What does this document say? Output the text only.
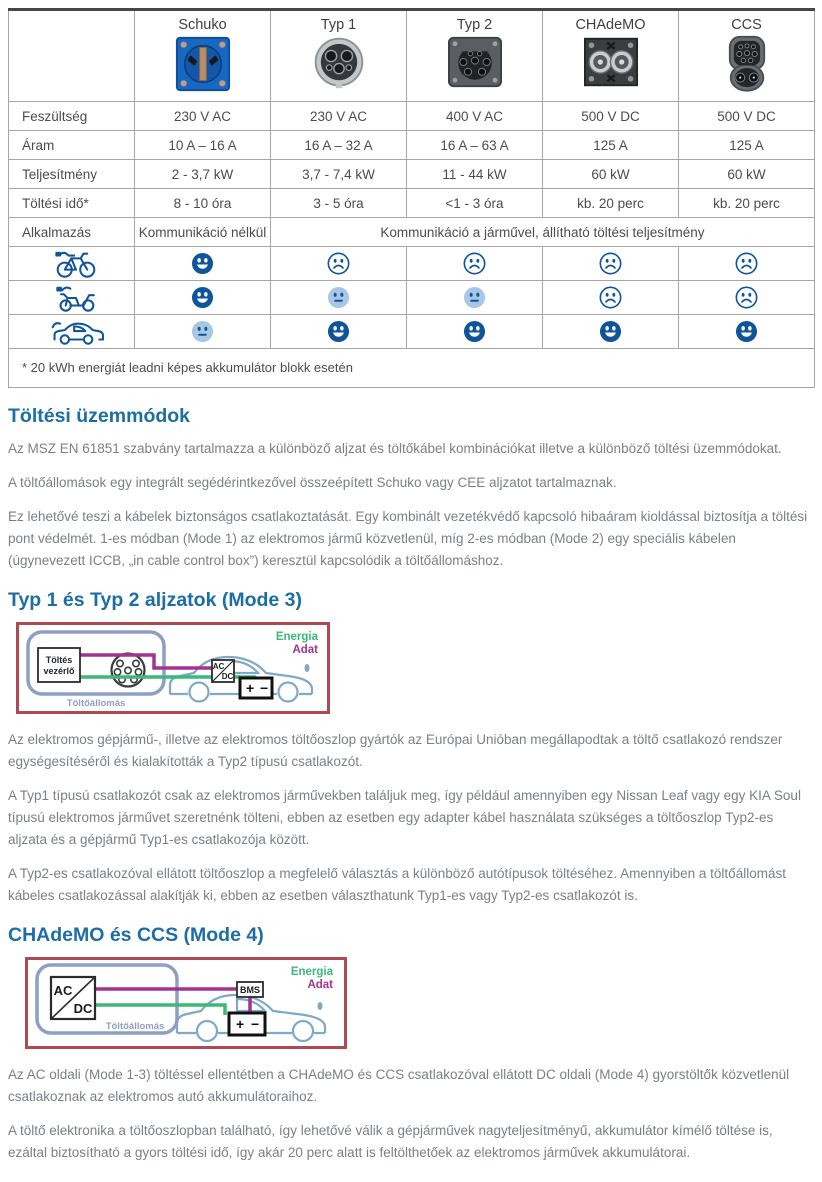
	Schuko	Typ 1	Typ 2	CHAdeMO	CCS

Feszültség	230 V AC	230 V AC	400 V AC	500 V DC	500 V DC
Áram	10 A – 16 A	16 A – 32 A	16 A – 63 A	125 A	125 A
Teljesítmény	2 - 3,7 kW	3,7 - 7,4 kW	11 - 44 kW	60 kW	60 kW
Töltési idő*	8 - 10 óra	3 - 5 óra	<1 - 3 óra	kb. 20 perc	kb. 20 perc
Alkalmazás	Kommunikáció nélkül	Kommunikáció a járművel, állítható töltési teljesítmény			

* 20 kWh energiát leadni képes akkumulátor blokk esetén					
Töltési üzemmódok

Az MSZ EN 61851 szabvány tartalmazza a különböző aljzat és töltőkábel kombinációkat illetve a különböző töltési üzemmódokat.

A töltőállomások egy integrált segédérintkezővel összeépített Schuko vagy CEE aljzatot tartalmaznak.

Ez lehetővé teszi a kábelek biztonságos csatlakoztatását. Egy kombinált vezetékvédő kapcsoló hibaáram kioldással biztosítja a töltési pont védelmét. 1-es módban (Mode 1) az elektromos jármű közvetlenül, míg 2-es módban (Mode 2) egy speciális kábelen (úgynevezett ICCB, „in cable control box”) keresztül kapcsolódik a töltőállomáshoz.

Typ 1 és Typ 2 aljzatok (Mode 3)
Töltés
vezérlő	AC
DC
+ −
Töltőállomás
Energia
Adat

Az elektromos gépjármű-, illetve az elektromos töltőoszlop gyártók az Európai Unióban megállapodtak a töltő csatlakozó rendszer egységesítéséről és kialakították a Typ2 típusú csatlakozót.

A Typ1 típusú csatlakozót csak az elektromos járművekben találjuk meg, így például amennyiben egy Nissan Leaf vagy egy KIA Soul típusú elektromos járművet szeretnénk tölteni, ebben az esetben egy adapter kábel használata szükséges a töltőoszlop Typ2-es aljzata és a gépjármű Typ1-es csatlakozója között.

A Typ2-es csatlakozóval ellátott töltőoszlop a megfelelő választás a különböző autótípusok töltéséhez. Amennyiben a töltőállomást kábeles csatlakozással alakítják ki, ebben az esetben választhatunk Typ1-es vagy Typ2-es csatlakozót is.

CHAdeMO és CCS (Mode 4)
AC
DC
BMS
+ −
Töltőállomás
Energia
Adat

Az AC oldali (Mode 1-3) töltéssel ellentétben a CHAdeMO és CCS csatlakozóval ellátott DC oldali (Mode 4) gyorstöltők közvetlenül csatlakoznak az elektromos autó akkumulátoraihoz.

A töltő elektronika a töltőoszlopban található, így lehetővé válik a gépjárművek nagyteljesítményű, akkumulátor kímélő töltése is, ezáltal biztosítható a gyors töltési idő, így akár 20 perc alatt is feltölthetőek az elektromos járművek akkumulátorai.
